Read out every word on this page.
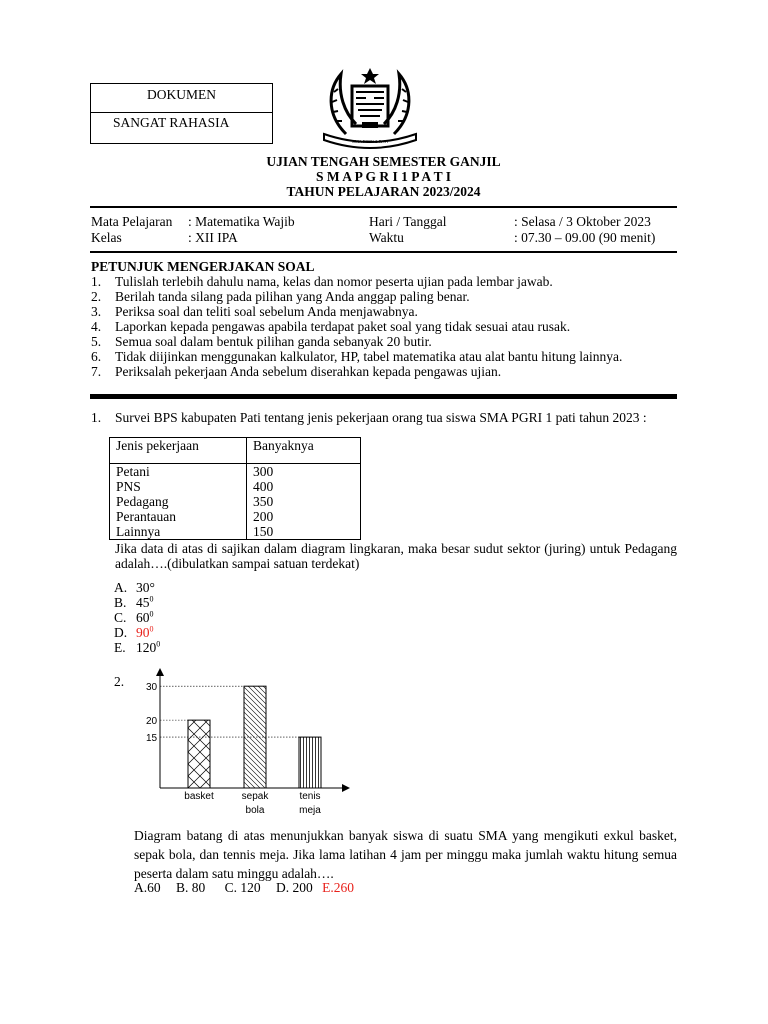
DOKUMEN
SANGAT RAHASIA
SMA PGRI 1 PATI
UJIAN TENGAH SEMESTER GANJIL
S M A P G R I 1 P A T I
TAHUN PELAJARAN 2023/2024
Mata Pelajaran : Matematika Wajib
Kelas	: XII IPA
Hari / Tanggal	: Selasa / 3 Oktober 2023
Waktu	: 07.30 – 09.00 (90 menit)
PETUNJUK MENGERJAKAN SOAL
1.	Tulislah terlebih dahulu nama, kelas dan nomor peserta ujian pada lembar jawab.
2.	Berilah tanda silang pada pilihan yang Anda anggap paling benar.
3.	Periksa soal dan teliti soal sebelum Anda menjawabnya.
4.	Laporkan kepada pengawas apabila terdapat paket soal yang tidak sesuai atau rusak.
5.	Semua soal dalam bentuk pilihan ganda sebanyak 20 butir.
6.	Tidak diijinkan menggunakan kalkulator, HP, tabel matematika atau alat bantu hitung lainnya.
7.	Periksalah pekerjaan Anda sebelum diserahkan kepada pengawas ujian.
1.	Survei BPS kabupaten Pati tentang jenis pekerjaan orang tua siswa SMA PGRI 1 pati tahun 2023 :
Jenis pekerjaan	Banyaknya
Petani	300
PNS	400
Pedagang	350
Perantauan	200
Lainnya	150
Jika data di atas di sajikan dalam diagram lingkaran, maka besar sudut sektor (juring) untuk Pedagang adalah….(dibulatkan sampai satuan terdekat)
A. 30°
B. $45^0$
C. $60^0$
D. $90^0$
E. $120^0$
2.
15
20
30
basket	sepak bola
tenis meja
Diagram batang di atas menunjukkan banyak siswa di suatu SMA yang mengikuti exkul basket, sepak bola, dan tennis meja. Jika lama latihan 4 jam per minggu maka jumlah waktu hitung semua peserta dalam satu minggu adalah….
A.60 B. 80 C. 120 D. 200 E.260
